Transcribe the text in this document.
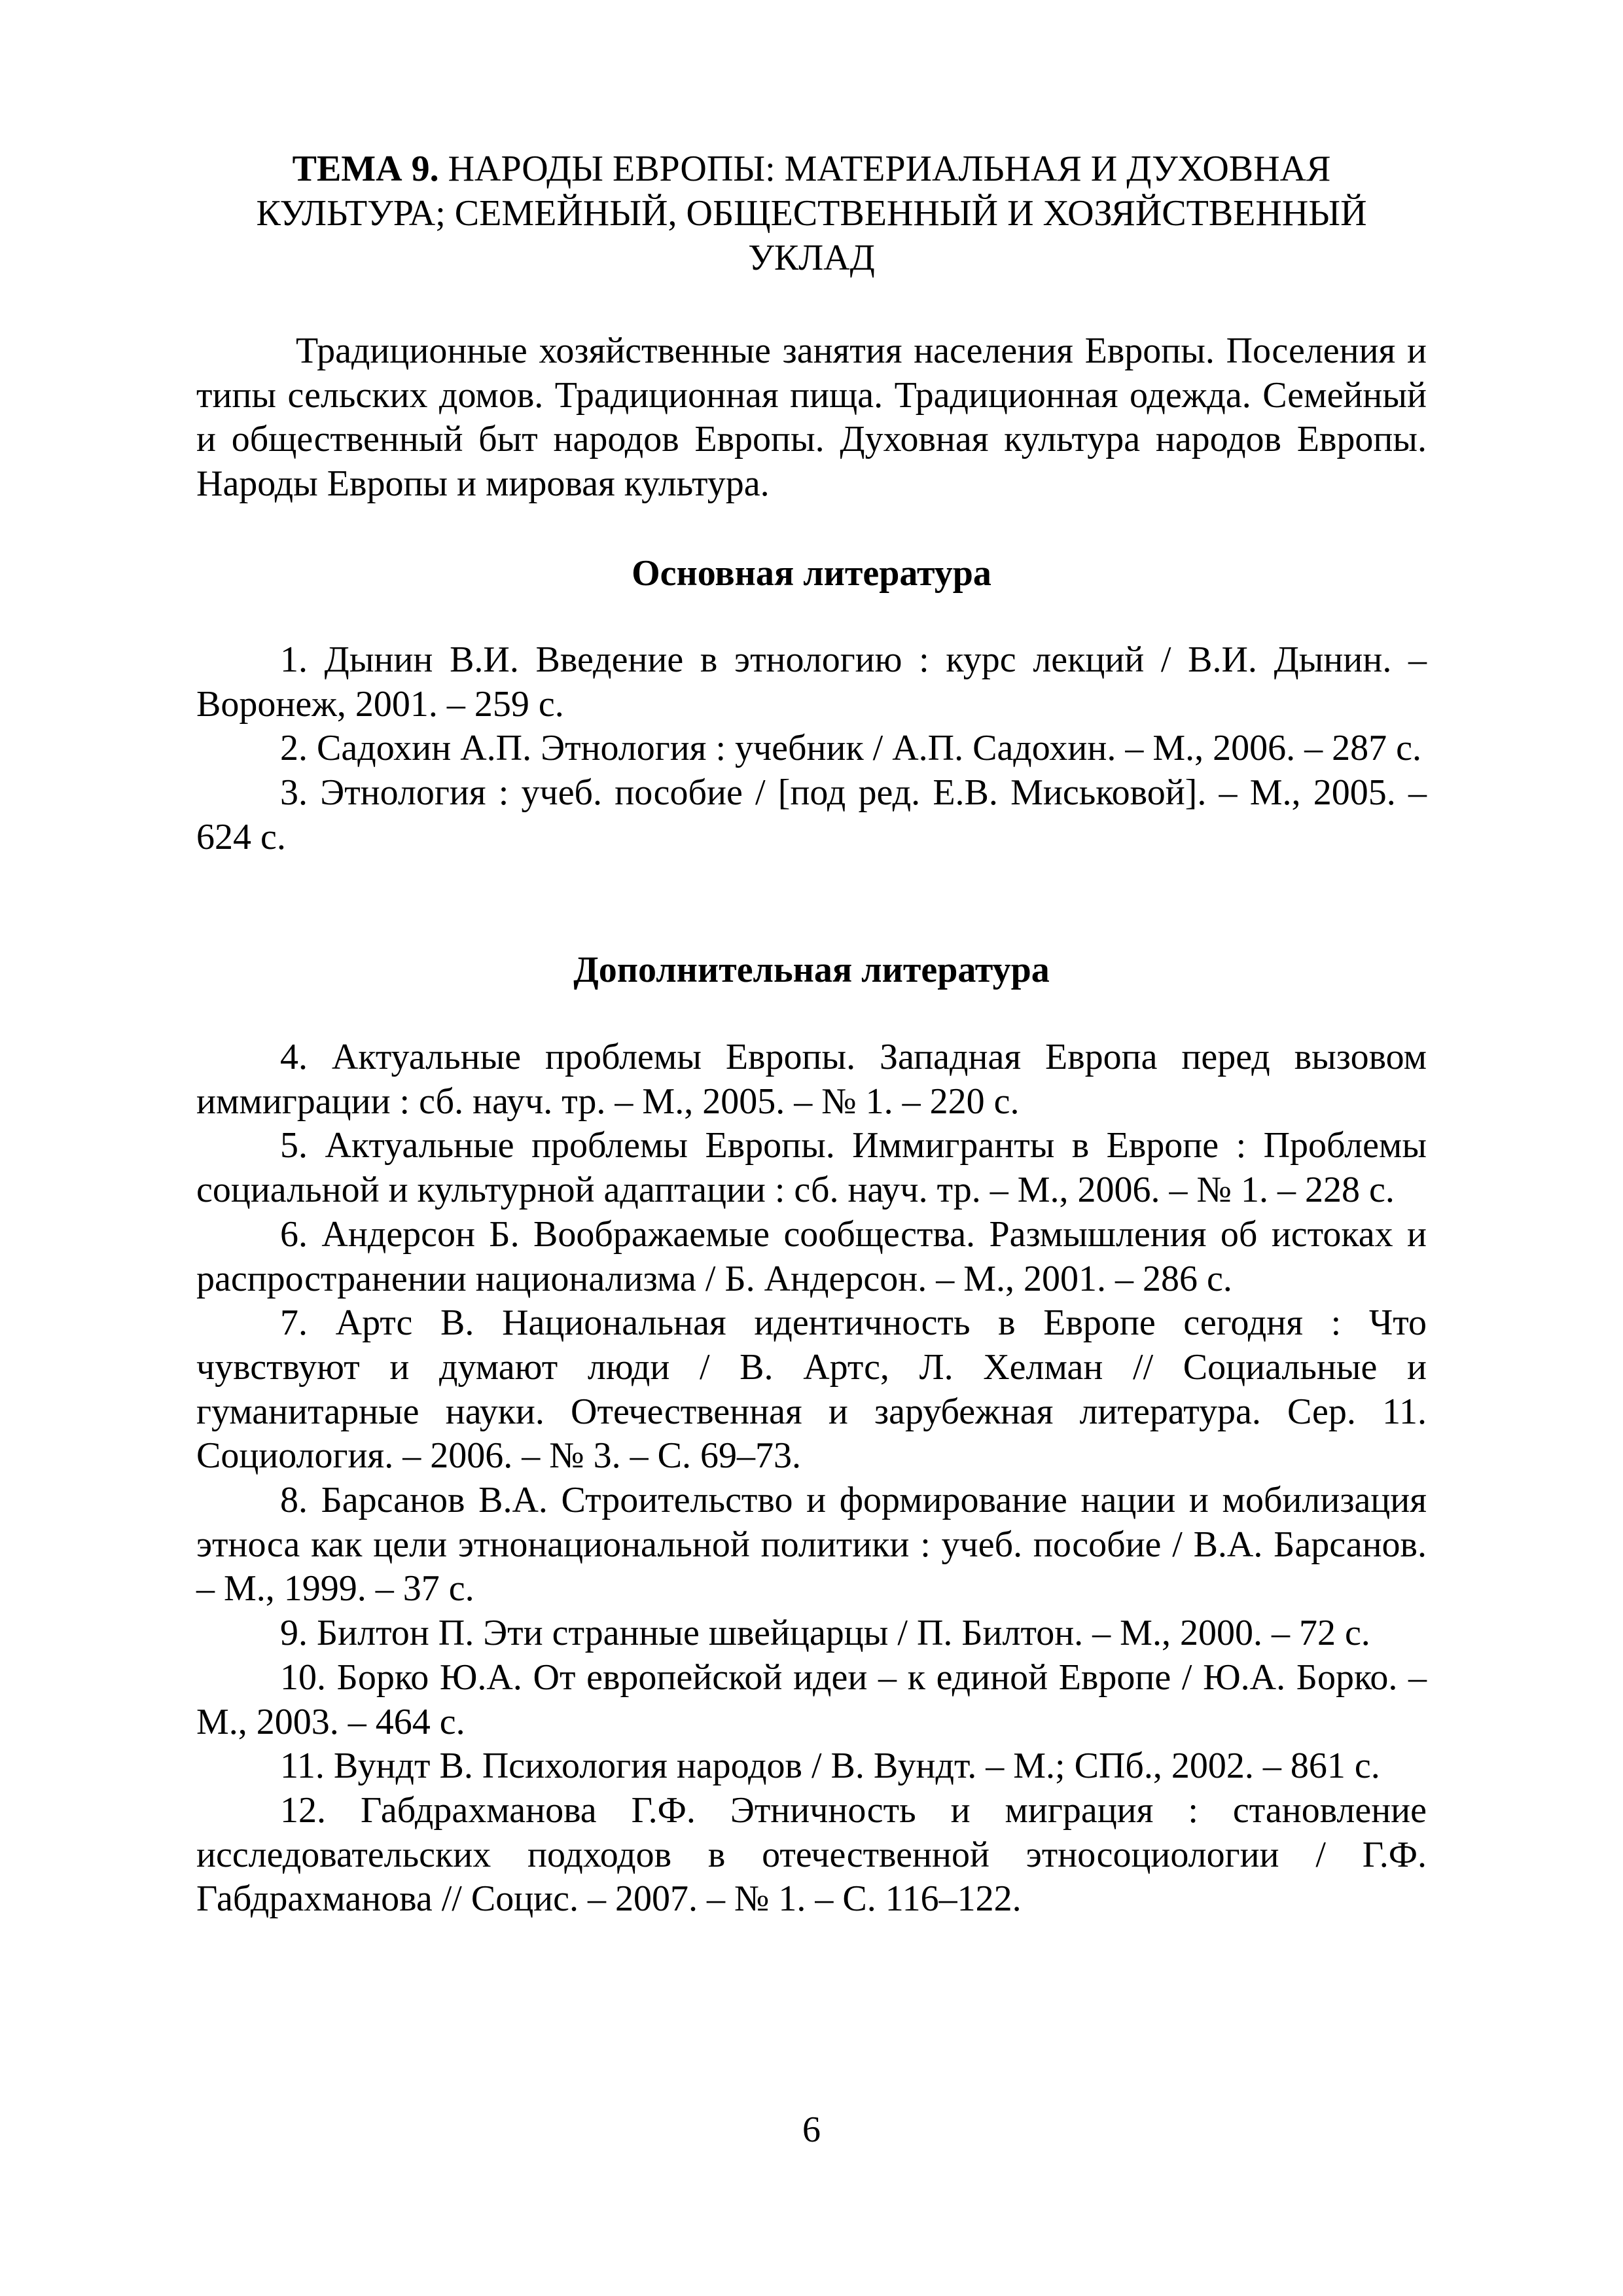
ТЕМА 9. НАРОДЫ ЕВРОПЫ: МАТЕРИАЛЬНАЯ И ДУХОВНАЯ
КУЛЬТУРА; СЕМЕЙНЫЙ, ОБЩЕСТВЕННЫЙ И ХОЗЯЙСТВЕННЫЙ
УКЛАД

Традиционные хозяйственные занятия населения Европы. Поселения и типы сельских домов. Традиционная пища. Традиционная одежда. Семейный и общественный быт народов Европы. Духовная культура народов Европы. Народы Европы и мировая культура.

Основная литература
1. Дынин В.И. Введение в этнологию : курс лекций / В.И. Дынин. – Воронеж, 2001. – 259 с.
2. Садохин А.П. Этнология : учебник / А.П. Садохин. – М., 2006. – 287 с.
3. Этнология : учеб. пособие / [под ред. Е.В. Миськовой]. – М., 2005. – 624 с.
Дополнительная литература
4. Актуальные проблемы Европы. Западная Европа перед вызовом иммиграции : сб. науч. тр. – М., 2005. – № 1. – 220 с.
5. Актуальные проблемы Европы. Иммигранты в Европе : Проблемы социальной и культурной адаптации : сб. науч. тр. – М., 2006. – № 1. – 228 с.
6. Андерсон Б. Воображаемые сообщества. Размышления об истоках и распространении национализма / Б. Андерсон. – М., 2001. – 286 с.
7. Артс В. Национальная идентичность в Европе сегодня : Что чувствуют и думают люди / В. Артс, Л. Хелман // Социальные и гуманитарные науки. Отечественная и зарубежная литература. Сер. 11. Социология. – 2006. – № 3. – С. 69–73.
8. Барсанов В.А. Строительство и формирование нации и мобилизация этноса как цели этнонациональной политики : учеб. пособие / В.А. Барсанов. – М., 1999. – 37 с.
9. Билтон П. Эти странные швейцарцы / П. Билтон. – М., 2000. – 72 с.
10. Борко Ю.А. От европейской идеи – к единой Европе / Ю.А. Борко. – М., 2003. – 464 с.
11. Вундт В. Психология народов / В. Вундт. – М.; СПб., 2002. – 861 с.
12. Габдрахманова Г.Ф. Этничность и миграция : становление исследовательских подходов в отечественной этносоциологии / Г.Ф. Габдрахманова // Социс. – 2007. – № 1. – С. 116–122.
6
